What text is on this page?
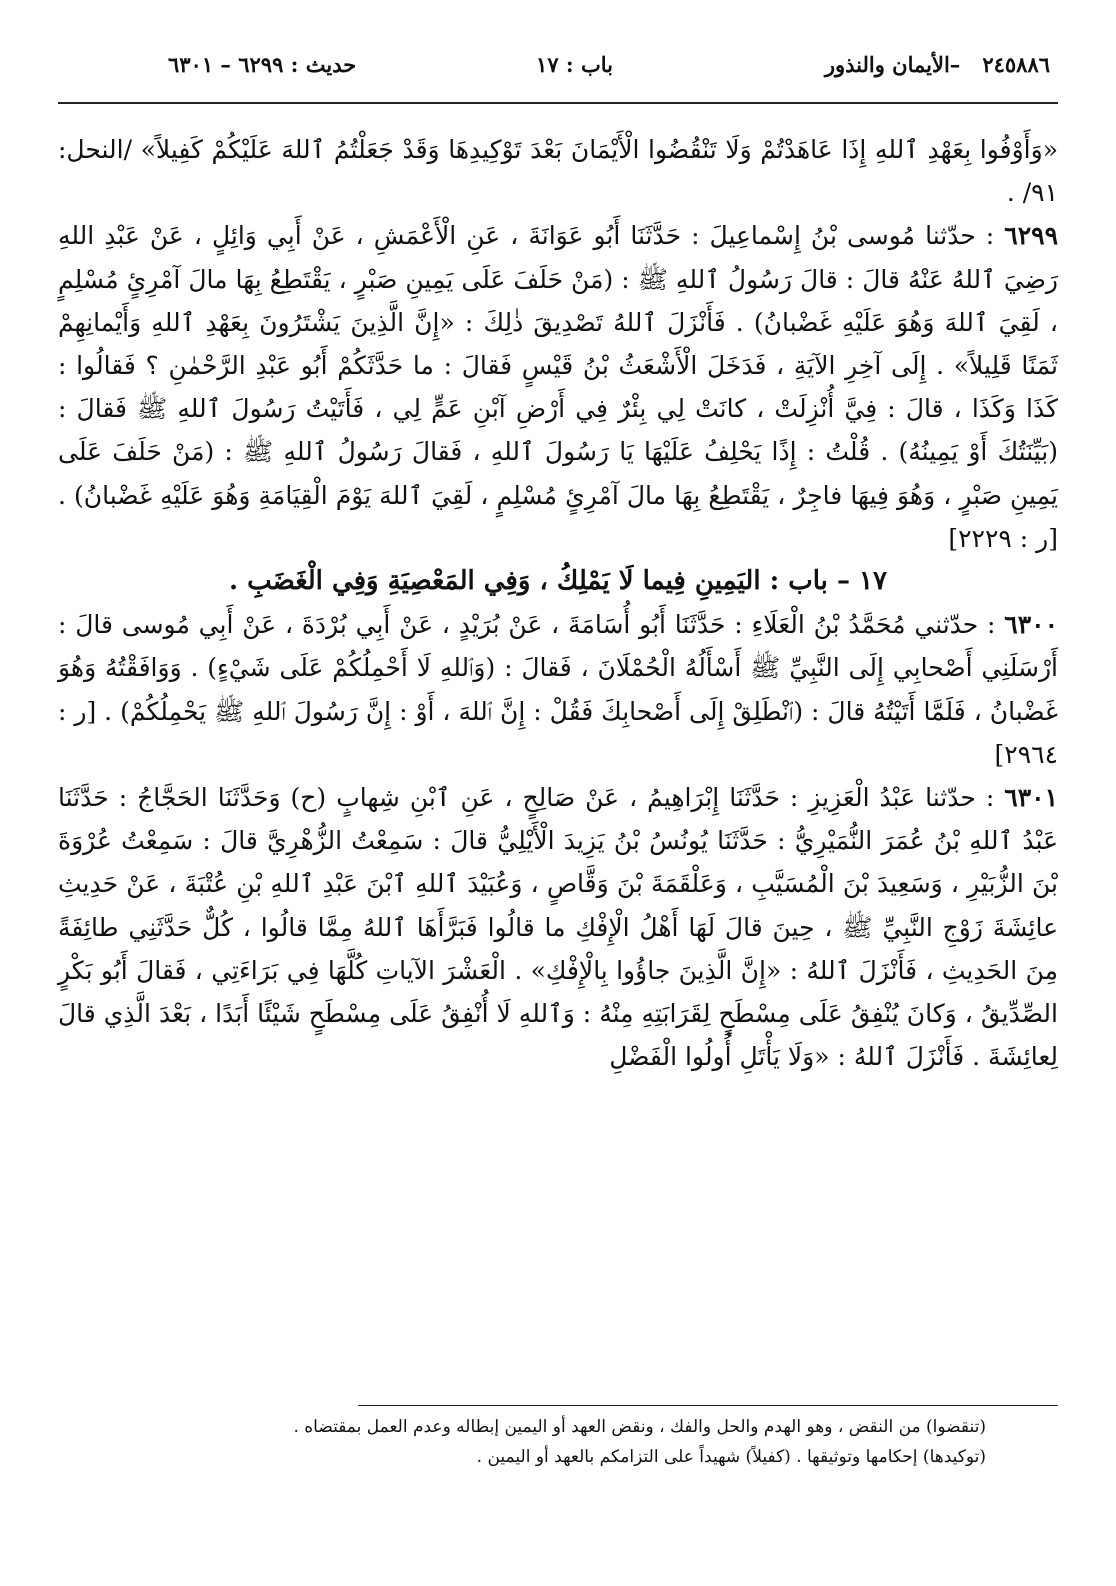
٢٤٥٨٨٦–الأيمان والنذور
باب : ١٧
حديث : ٦٢٩٩ – ٦٣٠١

«وَأَوْفُوا بِعَهْدِ ٱللهِ إِذَا عَاهَدْتُمْ وَلَا تَنْقُضُوا الْأَيْمَانَ بَعْدَ تَوْكِيدِهَا وَقَدْ جَعَلْتُمُ ٱللهَ عَلَيْكُمْ كَفِيلاً» /النحل: ٩١/ .

٦٢٩٩ : حدّثنا مُوسى بْنُ إِسْماعِيلَ : حَدَّثَنَا أَبُو عَوَانَةَ ، عَنِ الْأَعْمَشِ ، عَنْ أَبِي وَائِلٍ ، عَنْ عَبْدِ اللهِ رَضِيَ ٱللهُ عَنْهُ قالَ : قالَ رَسُولُ ٱللهِ ﷺ : (مَنْ حَلَفَ عَلَى يَمِينِ صَبْرٍ ، يَقْتَطِعُ بِهَا مالَ آمْرِئٍ مُسْلِمٍ ، لَقِيَ ٱللهَ وَهُوَ عَلَيْهِ غَضْبانُ) . فَأَنْزَلَ ٱللهُ تَصْدِيقَ ذٰلِكَ : «إِنَّ الَّذِينَ يَشْتَرُونَ بِعَهْدِ ٱللهِ وَأَيْمانِهِمْ ثَمَنًا قَلِيلاً» . إِلَى آخِرِ الآيَةِ ، فَدَخَلَ الْأَشْعَثُ بْنُ قَيْسٍ فَقالَ : ما حَدَّثَكُمْ أَبُو عَبْدِ الرَّحْمٰنِ ؟ فَقالُوا : كَذَا وَكَذَا ، قالَ : فِيَّ أُنْزِلَتْ ، كانَتْ لِي بِئْرٌ فِي أَرْضِ آبْنِ عَمٍّ لِي ، فَأَتَيْتُ رَسُولَ ٱللهِ ﷺ فَقالَ : (بَيِّنَتُكَ أَوْ يَمِينُهُ) . قُلْتُ : إِذًا يَحْلِفُ عَلَيْهَا يَا رَسُولَ ٱللهِ ، فَقالَ رَسُولُ ٱللهِ ﷺ : (مَنْ حَلَفَ عَلَى يَمِينِ صَبْرٍ ، وَهُوَ فِيهَا فاجِرٌ ، يَقْتَطِعُ بِهَا مالَ آمْرِئٍ مُسْلِمٍ ، لَقِيَ ٱللهَ يَوْمَ الْقِيَامَةِ وَهُوَ عَلَيْهِ غَضْبانُ) . [ر : ٢٢٢٩]

١٧ – باب : اليَمِينِ فِيما لَا يَمْلِكُ ، وَفِي المَعْصِيَةِ وَفِي الْغَضَبِ .

٦٣٠٠ : حدّثني مُحَمَّدُ بْنُ الْعَلَاءِ : حَدَّثَنَا أَبُو أُسَامَةَ ، عَنْ بُرَيْدٍ ، عَنْ أَبِي بُرْدَةَ ، عَنْ أَبِي مُوسى قالَ : أَرْسَلَنِي أَصْحابِي إِلَى النَّبِيِّ ﷺ أَسْأَلُهُ الْحُمْلَانَ ، فَقالَ : (وَٱللهِ لَا أَحْمِلُكُمْ عَلَى شَيْءٍ) . وَوَافَقْتُهُ وَهُوَ غَضْبانُ ، فَلَمَّا أَتَيْتُهُ قالَ : (ٱنْطَلِقْ إِلَى أَصْحابِكَ فَقُلْ : إِنَّ ٱللهَ ، أَوْ : إِنَّ رَسُولَ ٱللهِ ﷺ يَحْمِلُكُمْ) . [ر : ٢٩٦٤]

٦٣٠١ : حدّثنا عَبْدُ الْعَزِيزِ : حَدَّثَنَا إِبْرَاهِيمُ ، عَنْ صَالِحٍ ، عَنِ ٱبْنِ شِهابٍ (ح) وَحَدَّثَنَا الحَجَّاجُ : حَدَّثَنَا عَبْدُ ٱللهِ بْنُ عُمَرَ النُّمَيْرِيُّ : حَدَّثَنَا يُونُسُ بْنُ يَزِيدَ الْأَيْلِيُّ قالَ : سَمِعْتُ الزُّهْرِيَّ قالَ : سَمِعْتُ عُرْوَةَ بْنَ الزُّبَيْرِ ، وَسَعِيدَ بْنَ الْمُسَيَّبِ ، وَعَلْقَمَةَ بْنَ وَقَّاصٍ ، وَعُبَيْدَ ٱللهِ ٱبْنَ عَبْدِ ٱللهِ بْنِ عُتْبَةَ ، عَنْ حَدِيثِ عائِشَةَ زَوْجِ النَّبِيِّ ﷺ ، حِينَ قالَ لَهَا أَهْلُ الْإِفْكِ ما قالُوا فَبَرَّأَهَا ٱللهُ مِمَّا قالُوا ، كُلٌّ حَدَّثَنِي طائِفَةً مِنَ الحَدِيثِ ، فَأَنْزَلَ ٱللهُ : «إِنَّ الَّذِينَ جاؤُوا بِالْإِفْكِ» . الْعَشْرَ الآياتِ كُلَّهَا فِي بَرَاءَتِي ، فَقالَ أَبُو بَكْرٍ الصِّدِّيقُ ، وَكانَ يُنْفِقُ عَلَى مِسْطَحٍ لِقَرَابَتِهِ مِنْهُ : وَٱللهِ لَا أُنْفِقُ عَلَى مِسْطَحٍ شَيْئًا أَبَدًا ، بَعْدَ الَّذِي قالَ لِعائِشَةَ . فَأَنْزَلَ ٱللهُ : «وَلَا يَأْتَلِ أُولُوا الْفَضْلِ

(تنقضوا) من النقض ، وهو الهدم والحل والفك ، ونقض العهد أو اليمين إبطاله وعدم العمل بمقتضاه .

(توكيدها) إحكامها وتوثيقها . (كفيلاً) شهيداً على التزامكم بالعهد أو اليمين .
